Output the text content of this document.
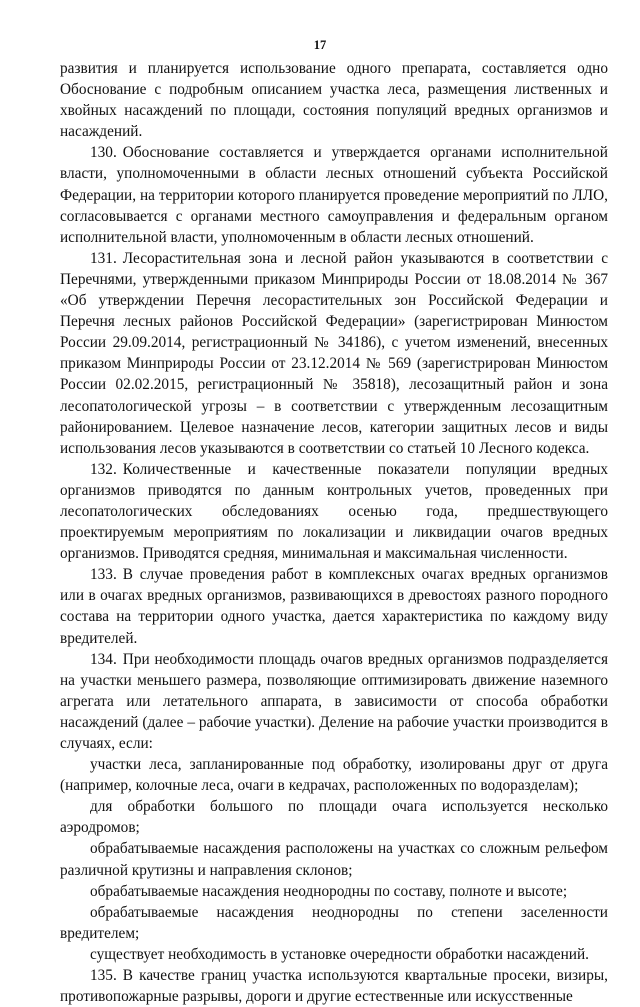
17

развития и планируется использование одного препарата, составляется одно Обоснование с подробным описанием участка леса, размещения лиственных и хвойных насаждений по площади, состояния популяций вредных организмов и насаждений.

130. Обоснование составляется и утверждается органами исполнительной власти, уполномоченными в области лесных отношений субъекта Российской Федерации, на территории которого планируется проведение мероприятий по ЛЛО, согласовывается с органами местного самоуправления и федеральным органом исполнительной власти, уполномоченным в области лесных отношений.

131. Лесорастительная зона и лесной район указываются в соответствии с Перечнями, утвержденными приказом Минприроды России от 18.08.2014 № 367 «Об утверждении Перечня лесорастительных зон Российской Федерации и Перечня лесных районов Российской Федерации» (зарегистрирован Минюстом России 29.09.2014, регистрационный № 34186), с учетом изменений, внесенных приказом Минприроды России от 23.12.2014 № 569 (зарегистрирован Минюстом России 02.02.2015, регистрационный № 35818), лесозащитный район и зона лесопатологической угрозы – в соответствии с утвержденным лесозащитным районированием. Целевое назначение лесов, категории защитных лесов и виды использования лесов указываются в соответствии со статьей 10 Лесного кодекса.

132. Количественные и качественные показатели популяции вредных организмов приводятся по данным контрольных учетов, проведенных при лесопатологических обследованиях осенью года, предшествующего проектируемым мероприятиям по локализации и ликвидации очагов вредных организмов. Приводятся средняя, минимальная и максимальная численности.

133. В случае проведения работ в комплексных очагах вредных организмов или в очагах вредных организмов, развивающихся в древостоях разного породного состава на территории одного участка, дается характеристика по каждому виду вредителей.

134. При необходимости площадь очагов вредных организмов подразделяется на участки меньшего размера, позволяющие оптимизировать движение наземного агрегата или летательного аппарата, в зависимости от способа обработки насаждений (далее – рабочие участки). Деление на рабочие участки производится в случаях, если:

участки леса, запланированные под обработку, изолированы друг от друга (например, колочные леса, очаги в кедрачах, расположенных по водоразделам);

для обработки большого по площади очага используется несколько аэродромов;

обрабатываемые насаждения расположены на участках со сложным рельефом различной крутизны и направления склонов;

обрабатываемые насаждения неоднородны по составу, полноте и высоте;

обрабатываемые насаждения неоднородны по степени заселенности вредителем;

существует необходимость в установке очередности обработки насаждений.

135. В качестве границ участка используются квартальные просеки, визиры, противопожарные разрывы, дороги и другие естественные или искусственные
